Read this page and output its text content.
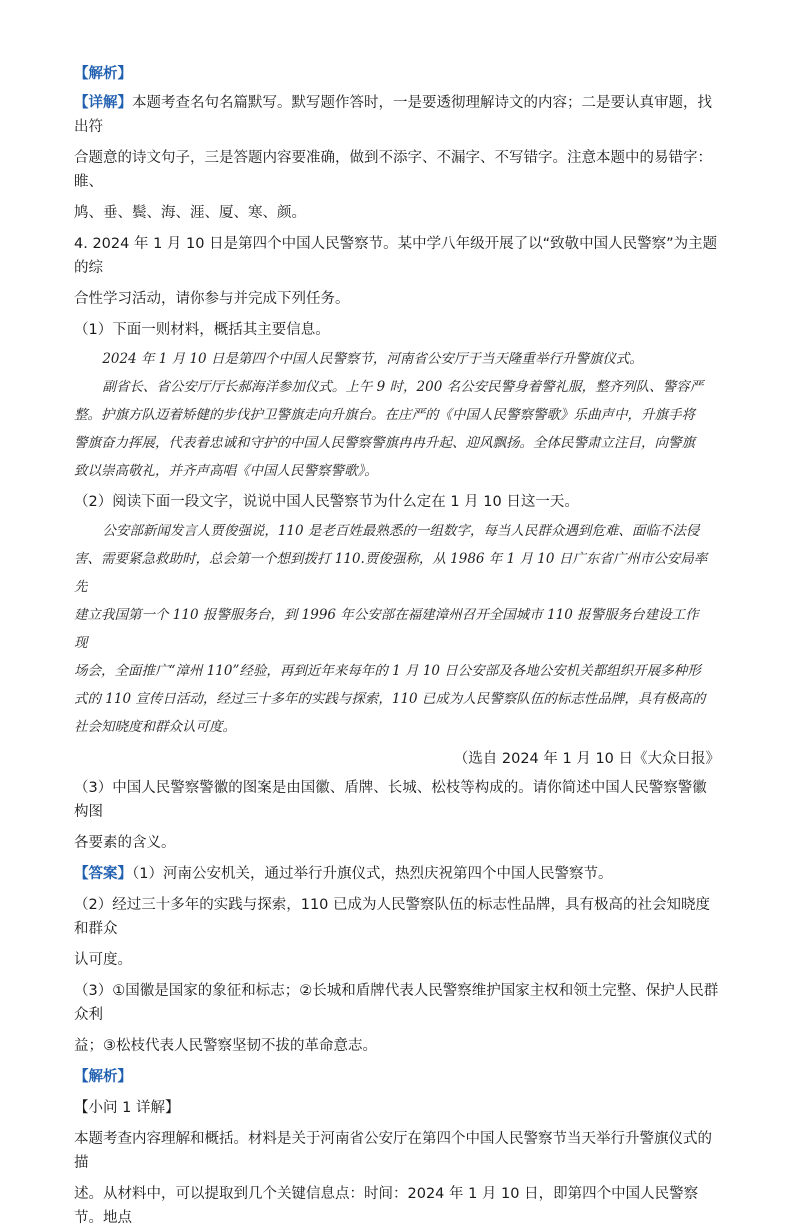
【解析】

【详解】本题考查名句名篇默写。默写题作答时，一是要透彻理解诗文的内容；二是要认真审题，找出符

合题意的诗文句子，三是答题内容要准确，做到不添字、不漏字、不写错字。注意本题中的易错字：睢、

鸠、垂、鬓、海、涯、厦、寒、颜。

4. 2024 年 1 月 10 日是第四个中国人民警察节。某中学八年级开展了以“致敬中国人民警察”为主题的综

合性学习活动，请你参与并完成下列任务。

（1）下面一则材料，概括其主要信息。

2024 年 1 月 10 日是第四个中国人民警察节，河南省公安厅于当天隆重举行升警旗仪式。

副省长、省公安厅厅长郝海洋参加仪式。上午 9 时，200 名公安民警身着警礼服，整齐列队、警容严

整。护旗方队迈着矫健的步伐护卫警旗走向升旗台。在庄严的《中国人民警察警歌》乐曲声中，升旗手将

警旗奋力挥展，代表着忠诚和守护的中国人民警察警旗冉冉升起、迎风飘扬。全体民警肃立注目，向警旗

致以崇高敬礼，并齐声高唱《中国人民警察警歌》。

（2）阅读下面一段文字，说说中国人民警察节为什么定在 1 月 10 日这一天。

公安部新闻发言人贾俊强说，110 是老百姓最熟悉的一组数字，每当人民群众遇到危难、面临不法侵

害、需要紧急救助时，总会第一个想到拨打 110.贾俊强称，从 1986 年 1 月 10 日广东省广州市公安局率先

建立我国第一个 110 报警服务台，到 1996 年公安部在福建漳州召开全国城市 110 报警服务台建设工作现

场会，全面推广“漳州 110”经验，再到近年来每年的 1 月 10 日公安部及各地公安机关都组织开展多种形

式的 110 宣传日活动，经过三十多年的实践与探索，110 已成为人民警察队伍的标志性品牌，具有极高的

社会知晓度和群众认可度。

（选自 2024 年 1 月 10 日《大众日报》

（3）中国人民警察警徽的图案是由国徽、盾牌、长城、松枝等构成的。请你简述中国人民警察警徽构图

各要素的含义。

【答案】（1）河南公安机关，通过举行升旗仪式，热烈庆祝第四个中国人民警察节。

（2）经过三十多年的实践与探索，110 已成为人民警察队伍的标志性品牌，具有极高的社会知晓度和群众

认可度。

（3）①国徽是国家的象征和标志；②长城和盾牌代表人民警察维护国家主权和领土完整、保护人民群众利

益；③松枝代表人民警察坚韧不拔的革命意志。

【解析】

【小问 1 详解】

本题考查内容理解和概括。材料是关于河南省公安厅在第四个中国人民警察节当天举行升警旗仪式的描

述。从材料中，可以提取到几个关键信息点：时间：2024 年 1 月 10 日，即第四个中国人民警察节。地点
